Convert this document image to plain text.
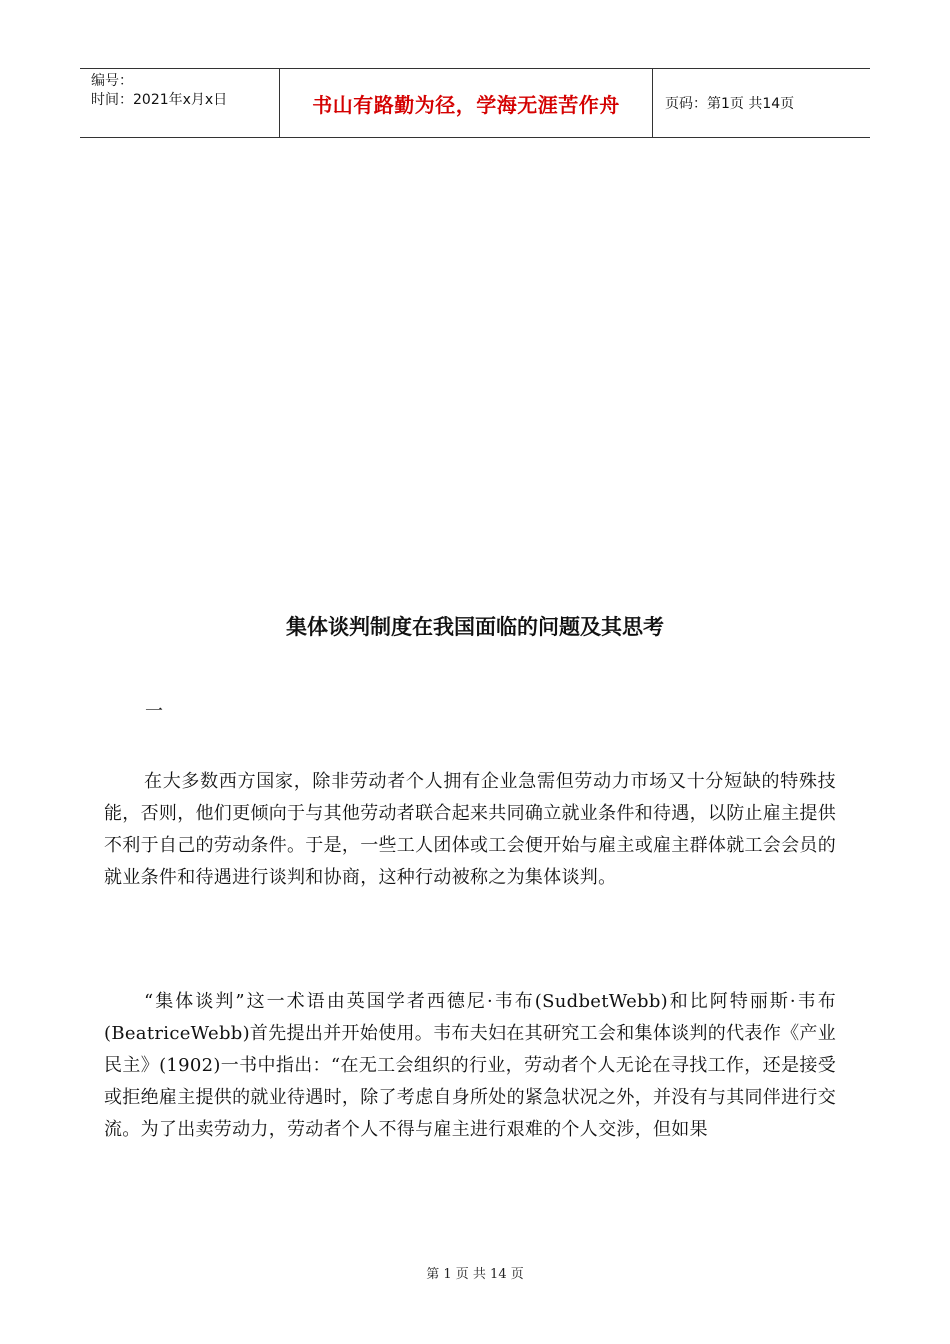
编号：
时间：2021年x月x日	书山有路勤为径，学海无涯苦作舟	页码：第1页 共14页
集体谈判制度在我国面临的问题及其思考
一

在大多数西方国家，除非劳动者个人拥有企业急需但劳动力市场又十分短缺的特殊技能，否则，他们更倾向于与其他劳动者联合起来共同确立就业条件和待遇，以防止雇主提供不利于自己的劳动条件。于是，一些工人团体或工会便开始与雇主或雇主群体就工会会员的就业条件和待遇进行谈判和协商，这种行动被称之为集体谈判。

“集体谈判”这一术语由英国学者西德尼·韦布(SudbetWebb)和比阿特丽斯·韦布(BeatriceWebb)首先提出并开始使用。韦布夫妇在其研究工会和集体谈判的代表作《产业民主》(1902)一书中指出：“在无工会组织的行业，劳动者个人无论在寻找工作，还是接受或拒绝雇主提供的就业待遇时，除了考虑自身所处的紧急状况之外，并没有与其同伴进行交流。为了出卖劳动力，劳动者个人不得与雇主进行艰难的个人交涉，但如果

第 1 页 共 14 页
